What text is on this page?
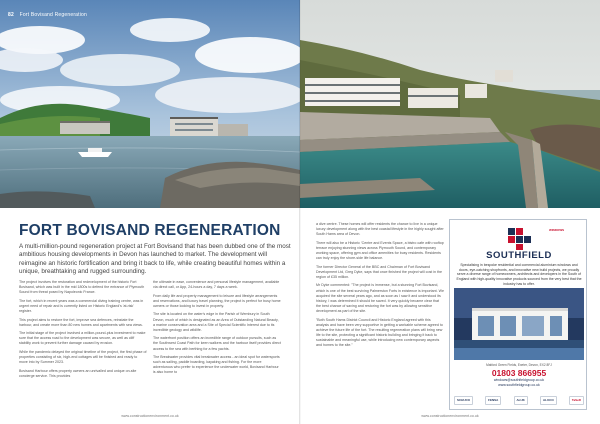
82 Fort Bovisand Regeneration
FORT BOVISAND REGENERATION

A multi-million-pound regeneration project at Fort Bovisand that has been dubbed one of the most ambitious housing developments in Devon has launched to market. The development will reimagine an historic fortification and bring it back to life, while creating beautiful homes within a unique, breathtaking and rugged surrounding.

The project involves the restoration and redevelopment of the historic Fort Bovisand, which was built in the mid 1800s to defend the entrance of Plymouth Sound from threat posed by Napoleonic France.

The fort, which in recent years was a commercial diving training centre, was in urgent need of repair and is currently listed on Historic England's 'at-risk' register.

This project aims to restore the fort, improve sea defences, reinstate the harbour, and create more than 80 new homes and apartments with sea views.

The initial stage of the project involved a million-pound-plus investment to make sure that the access road to the development was secure, as well as cliff stability work to prevent further damage caused by erosion.

While the pandemic delayed the original timeline of the project, the first phase of properties consisting of six, high-end cottages will be finished and ready to move into by Summer 2023.

Bovisand Harbour offers property owners an unrivalled and unique on-site concierge service. This provides

the ultimate in ease, convenience and personal lifestyle management, available via direct call, or App, 24-hours a day, 7 days a week.

From daily life and property management to leisure and lifestyle arrangements and reservations, and luxury travel planning, the project is perfect for busy home owners or those looking to invest in property.

The site is located on the water's edge in the Parish of Wembury in South Devon, much of which is designated as an Area of Outstanding Natural Beauty, a marine conservation area and a Site of Special Scientific Interest due to its incredible geology and wildlife.

The waterfront position offers an incredible range of outdoor pursuits, such as the Southwest Coast Path for keen walkers and the harbour itself provides direct access to the sea with berthing for a few yachts.

The Breakwater provides vital breakwater access - an ideal spot for watersports such as sailing, paddle boarding, kayaking and fishing. For the more adventurous who prefer to experience the underwater world, Bovisand Harbour is also home to

www.constructionenvironment.co.uk

a dive centre. These homes will offer residents the chance to live in a unique luxury development along with the best coastal lifestyle in the highly sought after South Hams area of Devon.

There will also be a Historic 'Centre and Events Space, a bistro cafe with rooftop terrace enjoying stunning views across Plymouth Sound, and contemporary working space, offering gym and office amenities for busy residents. Residents can truly enjoy the shore-side life balance.

The former Director General of the BBC and Chairman of Fort Bovisand Development Ltd, Greg Dyke, says that once finished the project will cost in the region of £35 million.

Mr Dyke commented: "The project is immense, but a stunning Fort Bovisand, which is one of the best surviving Palmerston Forts in existence is important. We acquired the site several years ago, and as soon as I saw it and understood its history, I was determined it should be saved. It very quickly became clear that the best chance of saving and restoring the fort was by allowing sensitive development as part of the site.

"Both South Hams District Council and Historic England agreed with this analysis and have been very supportive in getting a workable scheme agreed to achieve the future life of the fort. The resulting regeneration plans will bring new life to the site, protecting a significant historic building and bringing it back to sustainable and meaningful use, while introducing new contemporary aspects and homes to the site."

WINDOWS
SOUTHFIELD

Specialising in bespoke residential and commercial aluminium windows and doors, eye-catching shopfronts, and innovative new build projects, we proudly serve a diverse range of homeowners, architects and developers in the South of England with high-quality innovative products sourced from the very best that the industry has to offer.

Matford Green Fields, Exeter, Devon, EX2 8FJ
01803 866955
windows@southfieldgroup.co.uk
www.southfieldgroup.co.uk
SCHUCO	FENSA	ALUK	ALUCO	TaSeR
www.constructionenvironment.co.uk
